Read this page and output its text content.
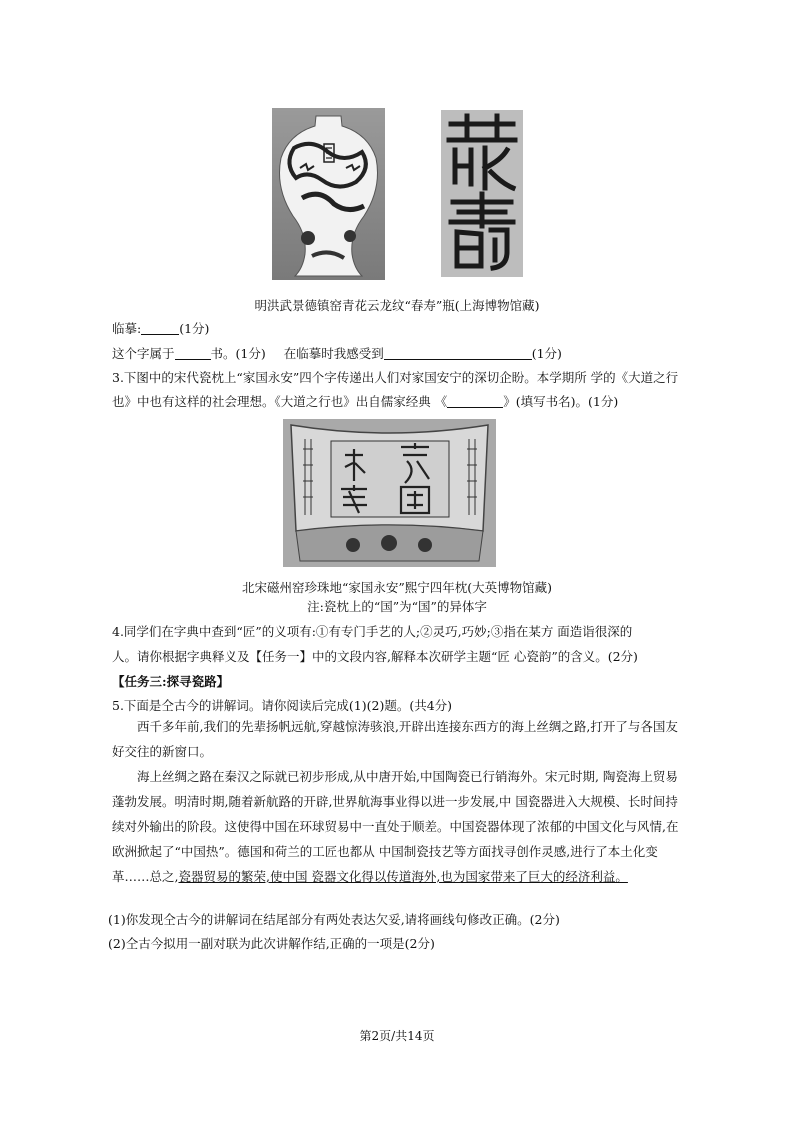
明洪武景德镇窑青花云龙纹“春寿”瓶(上海博物馆藏)
临摹:	(1分)
这个字属于	书。(1分) 在临摹时我感受到	(1分)
3.下图中的宋代瓷枕上“家国永安”四个字传递出人们对家国安宁的深切企盼。本学期所 学的《大道之行
也》中也有这样的社会理想。《大道之行也》出自儒家经典 《	》(填写书名)。(1分)
北宋磁州窑珍珠地“家国永安”熙宁四年枕(大英博物馆藏)
注:瓷枕上的“国”为“国”的异体字
4.同学们在字典中查到“匠”的义项有:①有专门手艺的人;②灵巧,巧妙;③指在某方 面造诣很深的
人。请你根据字典释义及【任务一】中的文段内容,解释本次研学主题“匠 心瓷韵”的含义。(2分)
【任务三:探寻瓷路】
5.下面是仝古今的讲解词。请你阅读后完成(1)(2)题。(共4分)
西千多年前,我们的先辈扬帆远航,穿越惊涛骇浪,开辟出连接东西方的海上丝绸之路,打开了与各国友好交往的新窗口。
海上丝绸之路在秦汉之际就已初步形成,从中唐开始,中国陶瓷已行销海外。宋元时期, 陶瓷海上贸易蓬勃发展。明清时期,随着新航路的开辟,世界航海事业得以进一步发展,中 国瓷器进入大规模、长时间持续对外输出的阶段。这使得中国在环球贸易中一直处于顺差。中国瓷器体现了浓郁的中国文化与风情,在欧洲掀起了“中国热”。德国和荷兰的工匠也都从 中国制瓷技艺等方面找寻创作灵感,进行了本土化变革……总之,瓷器贸易的繁荣,使中国 瓷器文化得以传道海外,也为国家带来了巨大的经济利益。
(1)你发现仝古今的讲解词在结尾部分有两处表达欠妥,请将画线句修改正确。(2分)
(2)仝古今拟用一副对联为此次讲解作结,正确的一项是(2分)
第2页/共14页
